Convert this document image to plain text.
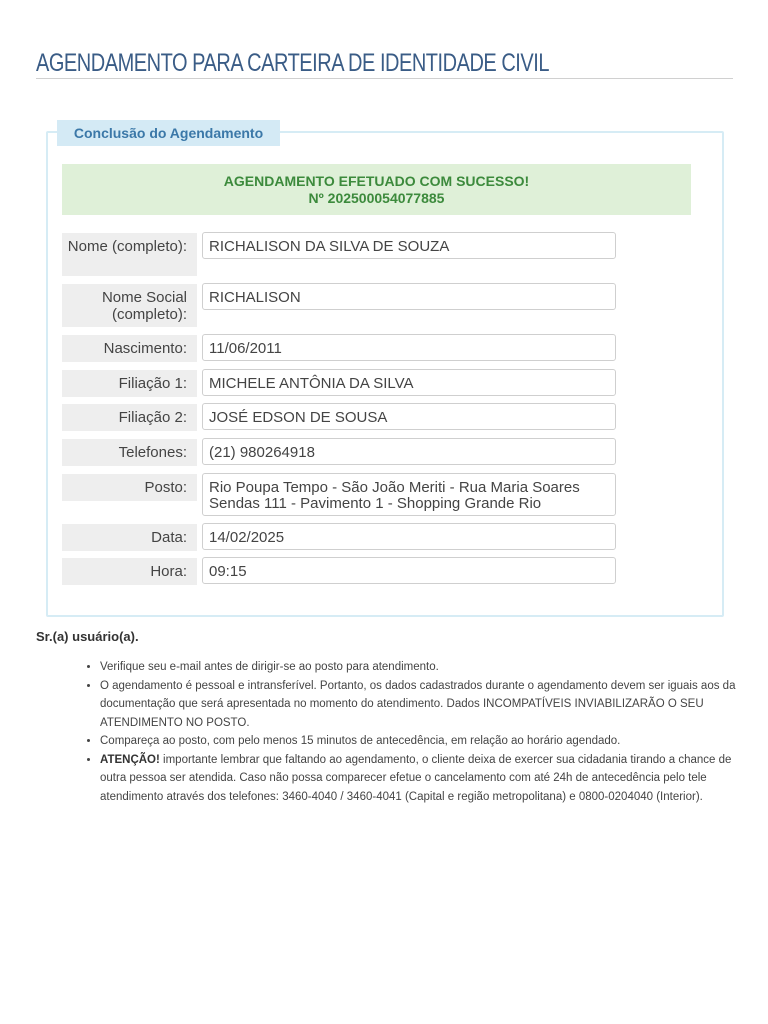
AGENDAMENTO PARA CARTEIRA DE IDENTIDADE CIVIL
Conclusão do Agendamento
AGENDAMENTO EFETUADO COM SUCESSO!
Nº 202500054077885
Nome (completo):	RICHALISON DA SILVA DE SOUZA
Nome Social (completo):
RICHALISON
Nascimento:	11/06/2011
Filiação 1:	MICHELE ANTÔNIA DA SILVA
Filiação 2:	JOSÉ EDSON DE SOUSA
Telefones:	(21) 980264918
Posto:	Rio Poupa Tempo - São João Meriti - Rua Maria Soares Sendas 111 - Pavimento 1 - Shopping Grande Rio
Data:	14/02/2025
Hora:	09:15
Sr.(a) usuário(a).
• Verifique seu e-mail antes de dirigir-se ao posto para atendimento.
• O agendamento é pessoal e intransferível. Portanto, os dados cadastrados durante o agendamento devem ser iguais aos da documentação que será apresentada no momento do atendimento. Dados INCOMPATÍVEIS INVIABILIZARÃO O SEU ATENDIMENTO NO POSTO.
• Compareça ao posto, com pelo menos 15 minutos de antecedência, em relação ao horário agendado.
• ATENÇÃO! importante lembrar que faltando ao agendamento, o cliente deixa de exercer sua cidadania tirando a chance de outra pessoa ser atendida. Caso não possa comparecer efetue o cancelamento com até 24h de antecedência pelo tele atendimento através dos telefones: 3460-4040 / 3460-4041 (Capital e região metropolitana) e 0800-0204040 (Interior).
